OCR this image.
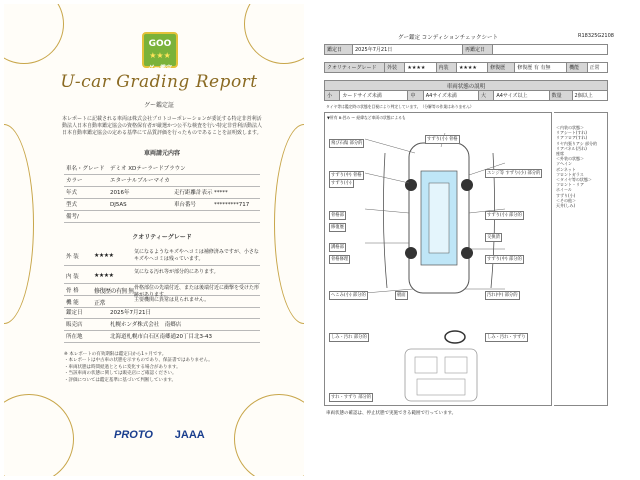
GOO
★★★
グー鑑定
U-car Grading Report
グー鑑定証
本レポートに記載される車両は株式会社プロトコーポレーションが委託する特定非営利活動法人日本自動車鑑定協会の資格保有者が厳選かつ公平な検査を行い特定非営利活動法人日本自動車鑑定協会の定める基準にて品質評価を行ったものであることを証明致します。
車両請元内容
車名・グレード デミオ XDテーラードブラウン
カラー	エターナルブルーマイカ
年式	2016年	走行距離計表示 *****
型式	DJ5AS	車台番号	*********717
備考/
クオリティーグレード
外 装	★★★★	気になるようなキズやヘコミは補修済みですが、小さなキズやヘコミは残っています。
内 装	★★★★	気になる汚れ等が部分的にあります。
骨 格	修復歴の有無 無 骨格部位の先端付近、または後端付近に衝撃を受けた形跡があります。
機 能	正常	主要機関に異常は見られません。
鑑定日	2025年7月21日
販売店	札幌ホンダ株式会社　南郷店
所在地	北海道札幌市白石区南郷通20丁目北3-43
※ 本レポートの有効期限は鑑定日から1ヶ月です。
・本レポートは中古車の状態を示すものであり、保証書ではありません。
・車両状態は時間経過とともに変化する場合があります。
・当該車両の状態に関しては販売店にご確認ください。
・評価については鑑定基準に基づいて判断しています。
PROTO JAAA
グー鑑定 コンディションチェックシート	R18325G2108
鑑定日	2025年7月21日	再鑑定日	
クオリティーグレード	外装	★★★★	内装	★★★★	修復歴	修復歴 有 有無	機能	正常
車両状態の説明
小	カードサイズ未満	中	A4サイズ未満	大	A4サイズ以上	数量	2個以上
タイヤ等は鑑定時の状態を目視により判定しています。（分解等の作業はありません）
▼所有 B:凹み ～ 経緯など車両の状態によるも
飛び石傷 部分的
すずり(小) 骨格
すずり(中) 骨格
すずり(小)
エンジ等 すずり(小) 部分的
骨格部
修復歴
溝格部
すずり(小) 部分的
骨格修理
交換済
すずり(中) 部分的
へこみ(小) 部分的	板面	汚れ(中) 部分的
しみ・汚れ 部分的	しみ・汚れ・すずり
すれ・すずり 部分的
＜内装の状態＞
リアシート(すれ)
リアフロア(すれ)
リヤ内張りアシ 部分的
リアパネル(汚れ)
座席
＜外装の状態＞
ソヘイン
ボンネット
フロントガラス
＜タイヤ等の状態＞
フロント・リア
ホイール
すずり(小)
＜その他＞
天井(しみ)
車両状態の確認は、停止状態で実施できる範囲で行っています。
